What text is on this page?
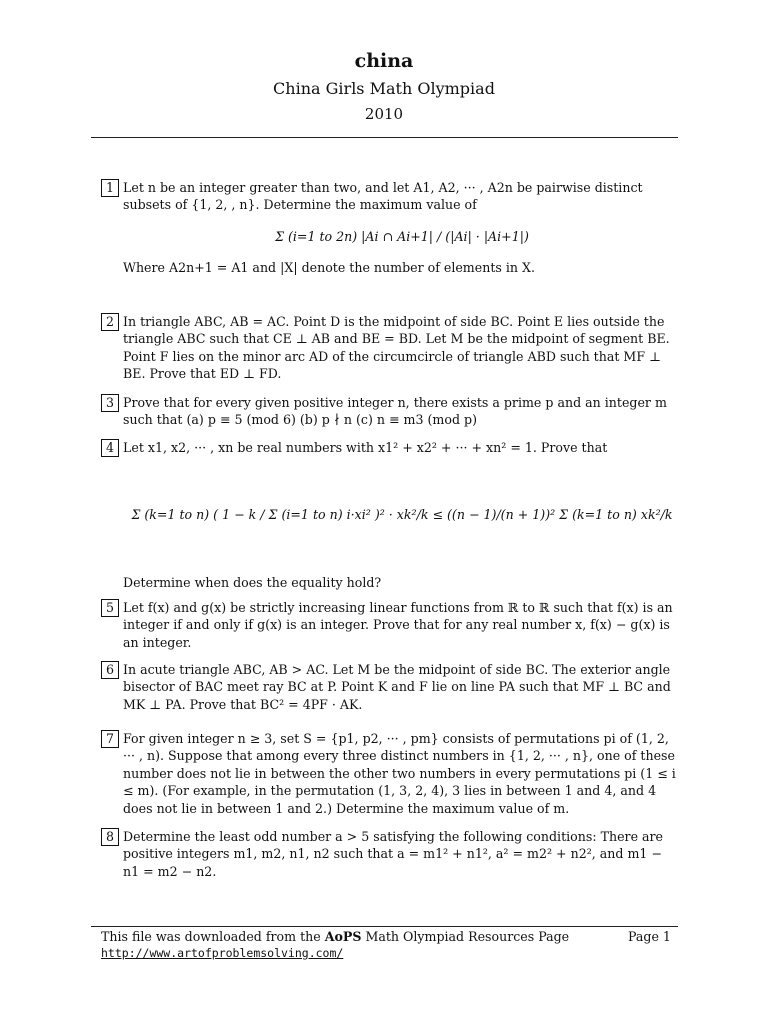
china
China Girls Math Olympiad
2010
1 Let n be an integer greater than two, and let A1, A2, ··· , A2n be pairwise distinct subsets of {1, 2, , n}. Determine the maximum value of

Σ (i=1 to 2n) |Ai ∩ Ai+1| / (|Ai| · |Ai+1|)

Where A2n+1 = A1 and |X| denote the number of elements in X.

2 In triangle ABC, AB = AC. Point D is the midpoint of side BC. Point E lies outside the triangle ABC such that CE ⊥ AB and BE = BD. Let M be the midpoint of segment BE. Point F lies on the minor arc AD of the circumcircle of triangle ABD such that MF ⊥ BE. Prove that ED ⊥ FD.

3 Prove that for every given positive integer n, there exists a prime p and an integer m such that (a) p ≡ 5 (mod 6) (b) p ∤ n (c) n ≡ m3 (mod p)

4 Let x1, x2, ··· , xn be real numbers with x1² + x2² + ··· + xn² = 1. Prove that

Σ (k=1 to n) ( 1 − k / Σ (i=1 to n) i·xi² )² · xk²/k ≤ ((n − 1)/(n + 1))² Σ (k=1 to n) xk²/k

Determine when does the equality hold?

5 Let f(x) and g(x) be strictly increasing linear functions from ℝ to ℝ such that f(x) is an integer if and only if g(x) is an integer. Prove that for any real number x, f(x) − g(x) is an integer.

6 In acute triangle ABC, AB > AC. Let M be the midpoint of side BC. The exterior angle bisector of BAC meet ray BC at P. Point K and F lie on line PA such that MF ⊥ BC and MK ⊥ PA. Prove that BC² = 4PF · AK.

7 For given integer n ≥ 3, set S = {p1, p2, ··· , pm} consists of permutations pi of (1, 2, ··· , n). Suppose that among every three distinct numbers in {1, 2, ··· , n}, one of these number does not lie in between the other two numbers in every permutations pi (1 ≤ i ≤ m). (For example, in the permutation (1, 3, 2, 4), 3 lies in between 1 and 4, and 4 does not lie in between 1 and 2.) Determine the maximum value of m.

8 Determine the least odd number a > 5 satisfying the following conditions: There are positive integers m1, m2, n1, n2 such that a = m1² + n1², a² = m2² + n2², and m1 − n1 = m2 − n2.

This file was downloaded from the AoPS Math Olympiad Resources Page	Page 1
http://www.artofproblemsolving.com/
